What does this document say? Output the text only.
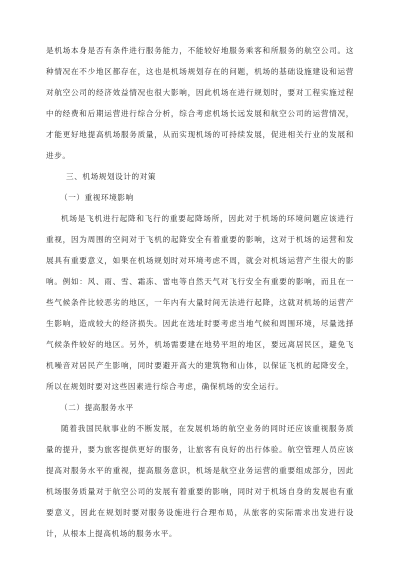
是机场本身是否有条件进行服务能力，不能较好地服务乘客和所服务的航空公司。这种情况在不少地区都存在，这也是机场规划存在的问题，机场的基础设施建设和运营对航空公司的经济效益情况也很大影响，因此机场在进行规划时，要对工程实施过程中的经费和后期运营进行综合分析，综合考虑机场长远发展和航空公司的运营情况，才能更好地提高机场服务质量，从而实现机场的可持续发展，促进相关行业的发展和进步。

三、机场规划设计的对策

（一）重视环境影响

机场是飞机进行起降和飞行的重要起降场所，因此对于机场的环境问题应该进行重视，因为周围的空间对于飞机的起降安全有着重要的影响，这对于机场的运营和发展具有重要意义，如果在机场规划时对环境考虑不周，就会对机场运营产生很大的影响。例如：风、雨、雪、霜冻、雷电等自然天气对飞行安全有重要的影响，而且在一些气候条件比较恶劣的地区，一年内有大量时间无法进行起降，这就对机场的运营产生影响，造成较大的经济损失。因此在选址时要考虑当地气候和周围环境，尽量选择气候条件较好的地区。另外，机场需要建在地势平坦的地区，要远离居民区，避免飞机噪音对居民产生影响，同时要避开高大的建筑物和山体，以保证飞机的起降安全，所以在规划时要对这些因素进行综合考虑，确保机场的安全运行。

（二）提高服务水平

随着我国民航事业的不断发展，在发展机场的航空业务的同时还应该重视服务质量的提升，要为旅客提供更好的服务，让旅客有良好的出行体验。航空管理人员应该提高对服务水平的重视，提高服务意识，机场是航空业务运营的重要组成部分，因此机场服务质量对于航空公司的发展有着重要的影响，同时对于机场自身的发展也有重要意义，因此在规划时要对服务设施进行合理布局，从旅客的实际需求出发进行设计，从根本上提高机场的服务水平。
